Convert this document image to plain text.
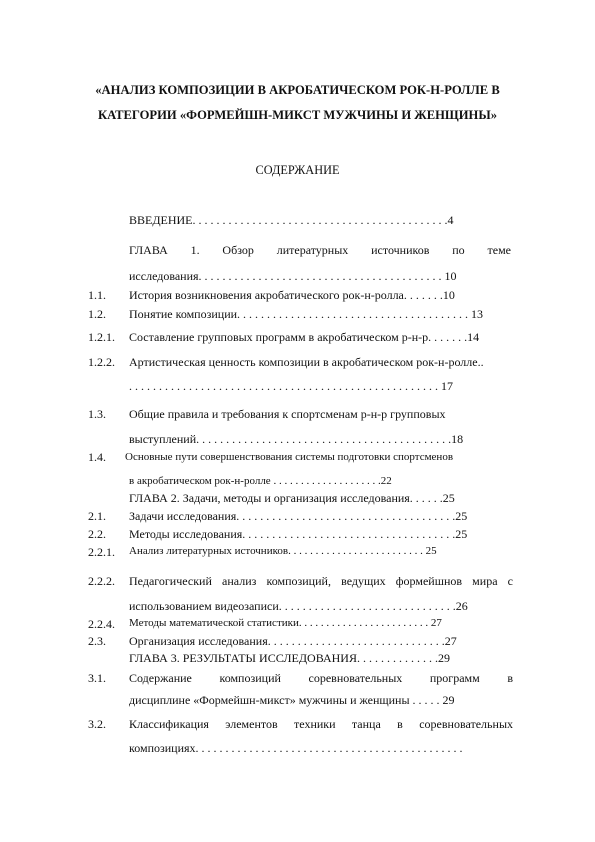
«АНАЛИЗ КОМПОЗИЦИИ В АКРОБАТИЧЕСКОМ РОК-Н-РОЛЛЕ В
КАТЕГОРИИ «ФОРМЕЙШН-МИКСТ МУЖЧИНЫ И ЖЕНЩИНЫ»
СОДЕРЖАНИЕ
ВВЕДЕНИЕ. . . . . . . . . . . . . . . . . . . . . . . . . . . . . . . . . . . . . . . . . . .4
ГЛАВА 1. Обзор литературных источников по теме
исследования. . . . . . . . . . . . . . . . . . . . . . . . . . . . . . . . . . . . . . . . . 10
1.1. История возникновения акробатического рок-н-ролла. . . . . . .10
1.2. Понятие композиции. . . . . . . . . . . . . . . . . . . . . . . . . . . . . . . . . . . . . . . 13
1.2.1. Составление групповых программ в акробатическом р-н-р. . . . . . .14
1.2.2. Артистическая ценность композиции в акробатическом рок-н-ролле..
. . . . . . . . . . . . . . . . . . . . . . . . . . . . . . . . . . . . . . . . . . . . . . . . . . . . 17
1.3. Общие правила и требования к спортсменам р-н-р групповых
выступлений. . . . . . . . . . . . . . . . . . . . . . . . . . . . . . . . . . . . . . . . . . .18
1.4. Основные пути совершенствования системы подготовки спортсменов
в акробатическом рок-н-ролле . . . . . . . . . . . . . . . . . . . .22
ГЛАВА 2. Задачи, методы и организация исследования. . . . . .25
2.1. Задачи исследования. . . . . . . . . . . . . . . . . . . . . . . . . . . . . . . . . . . . .25
2.2. Методы исследования. . . . . . . . . . . . . . . . . . . . . . . . . . . . . . . . . . . .25
2.2.1. Анализ литературных источников. . . . . . . . . . . . . . . . . . . . . . . . . 25
2.2.2. Педагогический анализ композиций, ведущих формейшнов мира с
использованием видеозаписи. . . . . . . . . . . . . . . . . . . . . . . . . . . . . .26
2.2.4. Методы математической статистики. . . . . . . . . . . . . . . . . . . . . . . . 27
2.3. Организация исследования. . . . . . . . . . . . . . . . . . . . . . . . . . . . . .27
ГЛАВА 3. РЕЗУЛЬТАТЫ ИССЛЕДОВАНИЯ. . . . . . . . . . . . . .29
3.1. Содержание композиций соревновательных программ в
дисциплине «Формейшн-микст» мужчины и женщины . . . . . 29
3.2. Классификация элементов техники танца в соревновательных
композициях. . . . . . . . . . . . . . . . . . . . . . . . . . . . . . . . . . . . . . . . . . . . .
